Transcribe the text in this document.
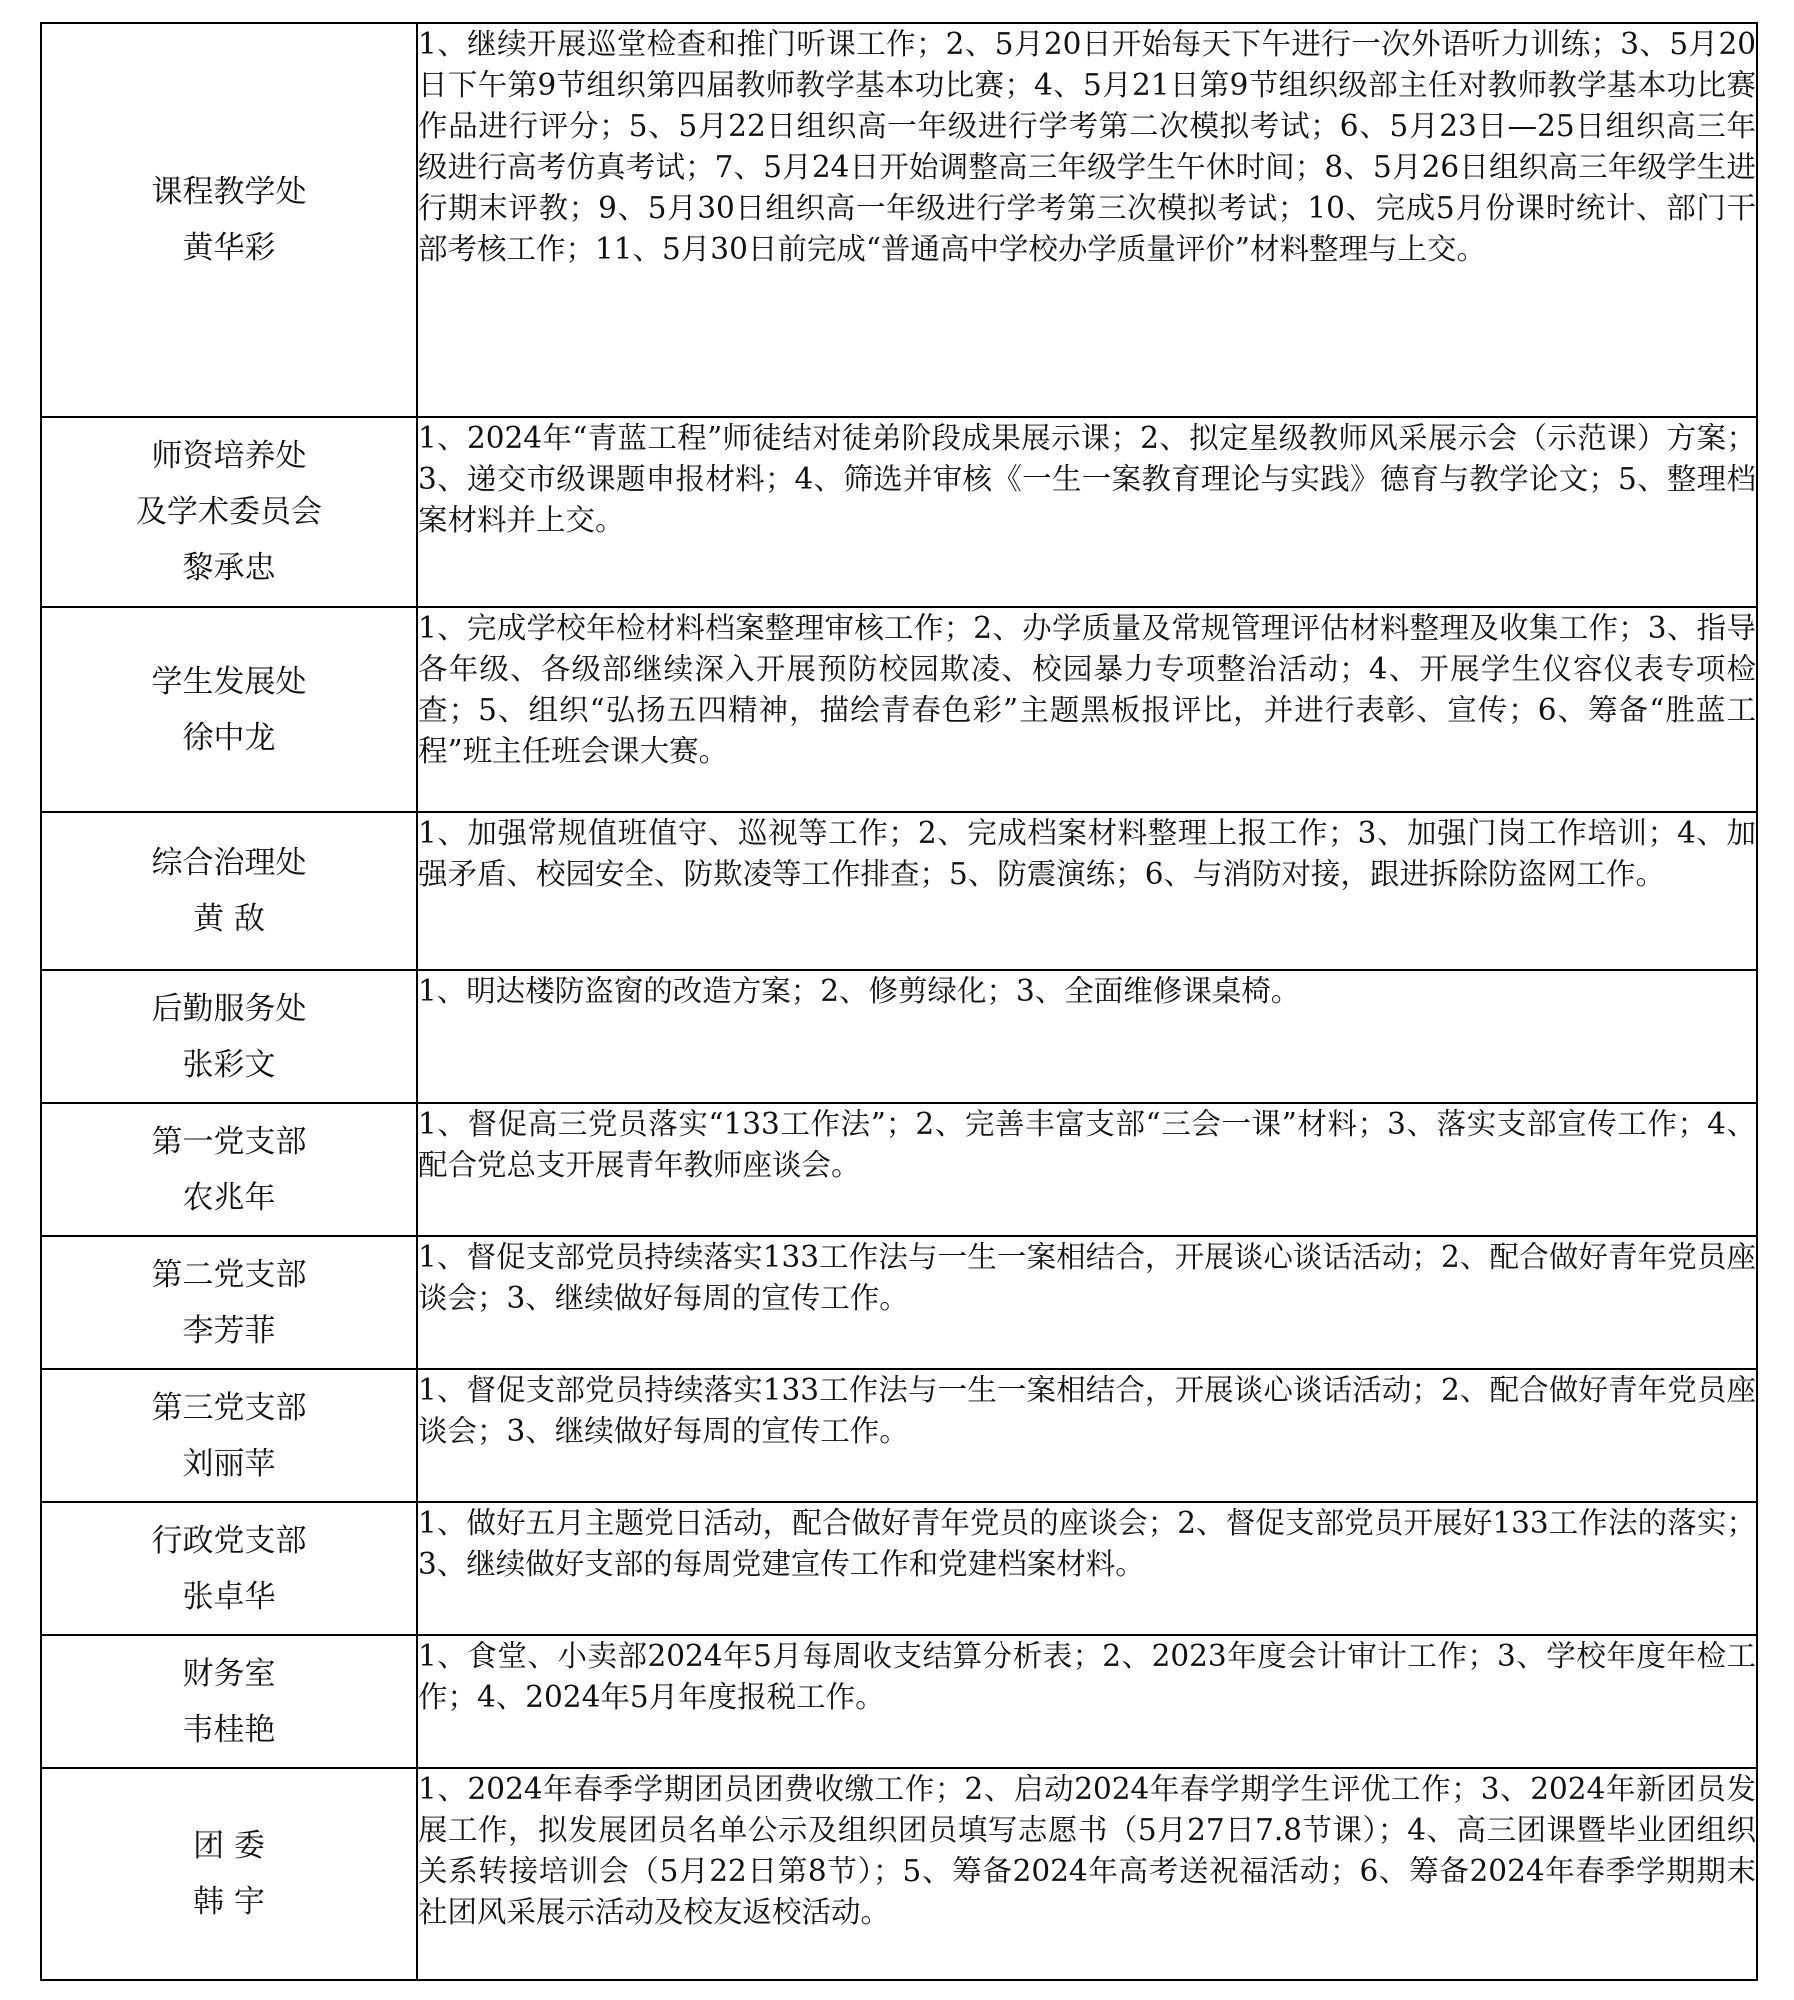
课程教学处
黄华彩	1、继续开展巡堂检查和推门听课工作；2、5月20日开始每天下午进行一次外语听力训练；3、5月20日下午第9节组织第四届教师教学基本功比赛；4、5月21日第9节组织级部主任对教师教学基本功比赛作品进行评分；5、5月22日组织高一年级进行学考第二次模拟考试；6、5月23日—25日组织高三年级进行高考仿真考试；7、5月24日开始调整高三年级学生午休时间；8、5月26日组织高三年级学生进行期末评教；9、5月30日组织高一年级进行学考第三次模拟考试；10、完成5月份课时统计、部门干部考核工作；11、5月30日前完成“普通高中学校办学质量评价”材料整理与上交。

师资培养处
及学术委员会
黎承忠	1、2024年“青蓝工程”师徒结对徒弟阶段成果展示课；2、拟定星级教师风采展示会（示范课）方案；3、递交市级课题申报材料；4、筛选并审核《一生一案教育理论与实践》德育与教学论文；5、整理档案材料并上交。

学生发展处
徐中龙	1、完成学校年检材料档案整理审核工作；2、办学质量及常规管理评估材料整理及收集工作；3、指导各年级、各级部继续深入开展预防校园欺凌、校园暴力专项整治活动；4、开展学生仪容仪表专项检查；5、组织“弘扬五四精神，描绘青春色彩”主题黑板报评比，并进行表彰、宣传；6、筹备“胜蓝工程”班主任班会课大赛。

综合治理处
黄 敌	1、加强常规值班值守、巡视等工作；2、完成档案材料整理上报工作；3、加强门岗工作培训；4、加强矛盾、校园安全、防欺凌等工作排查；5、防震演练；6、与消防对接，跟进拆除防盗网工作。

后勤服务处
张彩文	1、明达楼防盗窗的改造方案；2、修剪绿化；3、全面维修课桌椅。

第一党支部
农兆年	1、督促高三党员落实“133工作法”；2、完善丰富支部“三会一课”材料；3、落实支部宣传工作；4、配合党总支开展青年教师座谈会。

第二党支部
李芳菲	1、督促支部党员持续落实133工作法与一生一案相结合，开展谈心谈话活动；2、配合做好青年党员座谈会；3、继续做好每周的宣传工作。

第三党支部
刘丽苹	1、督促支部党员持续落实133工作法与一生一案相结合，开展谈心谈话活动；2、配合做好青年党员座谈会；3、继续做好每周的宣传工作。

行政党支部
张卓华	1、做好五月主题党日活动，配合做好青年党员的座谈会；2、督促支部党员开展好133工作法的落实；3、继续做好支部的每周党建宣传工作和党建档案材料。

财务室
韦桂艳	1、食堂、小卖部2024年5月每周收支结算分析表；2、2023年度会计审计工作；3、学校年度年检工作；4、2024年5月年度报税工作。

团 委
韩 宇	1、2024年春季学期团员团费收缴工作；2、启动2024年春学期学生评优工作；3、2024年新团员发展工作，拟发展团员名单公示及组织团员填写志愿书（5月27日7.8节课）；4、高三团课暨毕业团组织关系转接培训会（5月22日第8节）；5、筹备2024年高考送祝福活动；6、筹备2024年春季学期期末社团风采展示活动及校友返校活动。
